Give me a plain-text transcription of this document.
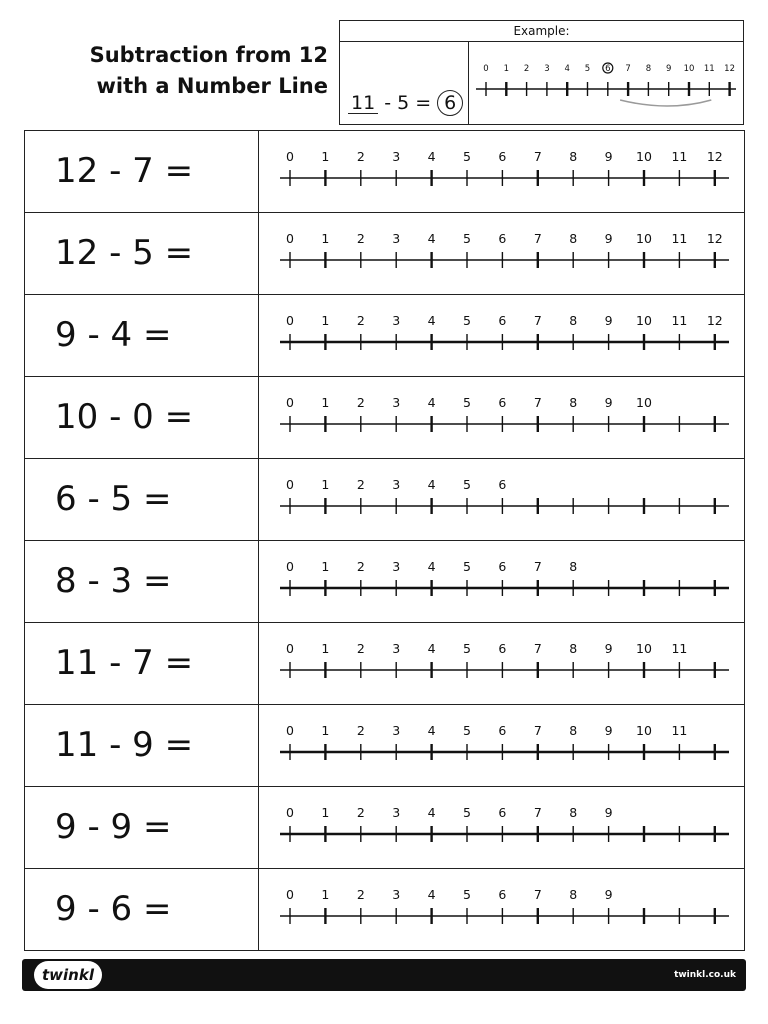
Subtraction from 12
with a Number Line
Example:
11 - 5 = 6
0 1 2 3 4 5 6 7 8 9 10 11 12
12 - 7 =	0 1 2 3 4 5 6 7 8 9 10 11 12
12 - 5 =	0 1 2 3 4 5 6 7 8 9 10 11 12
9 - 4 =	0 1 2 3 4 5 6 7 8 9 10 11 12
10 - 0 =	0 1 2 3 4 5 6 7 8 9 10
6 - 5 =	0 1 2 3 4 5 6
8 - 3 =	0 1 2 3 4 5 6 7 8
11 - 7 =	0 1 2 3 4 5 6 7 8 9 10 11
11 - 9 =	0 1 2 3 4 5 6 7 8 9 10 11
9 - 9 =	0 1 2 3 4 5 6 7 8 9
9 - 6 =	0 1 2 3 4 5 6 7 8 9
twinkl	twinkl.co.uk
